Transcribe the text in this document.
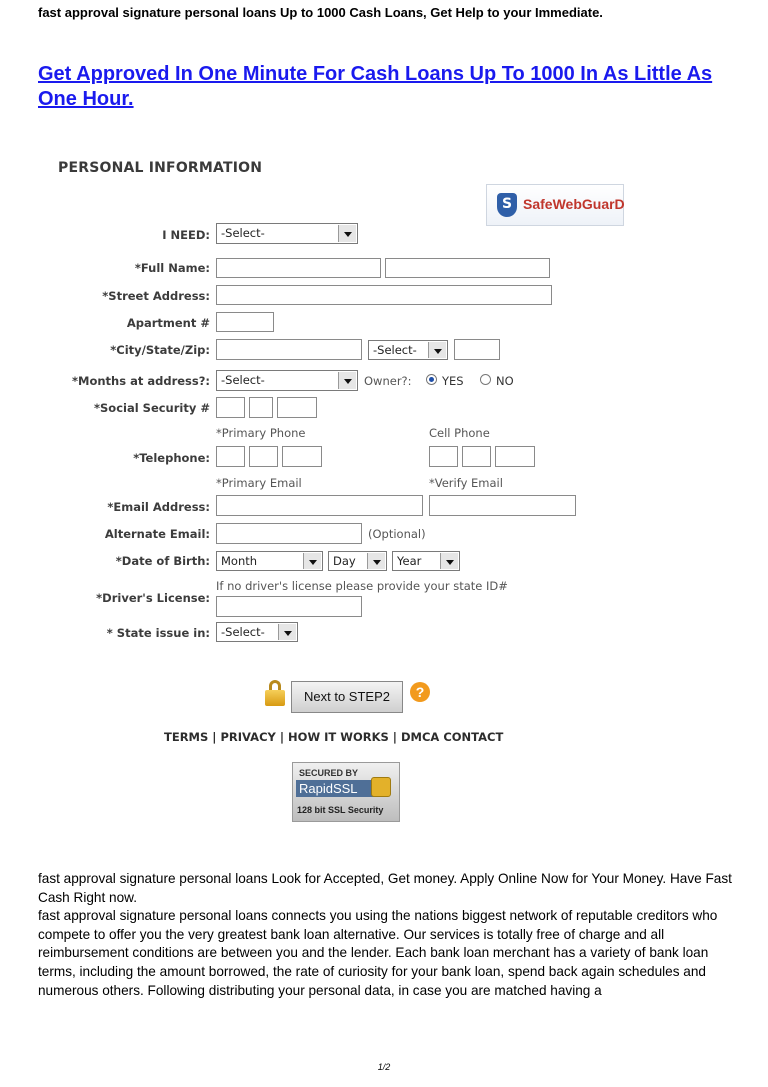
fast approval signature personal loans Up to 1000 Cash Loans, Get Help to your Immediate.
Get Approved In One Minute For Cash Loans Up To 1000 In As Little As One Hour.
PERSONAL INFORMATION
S SafeWebGuarD
I NEED: -Select-
*Full Name:
*Street Address:
Apartment #
*City/State/Zip:	-Select-
*Months at address?: -Select-	Owner?:	YES	NO
*Social Security #
*Primary Phone	Cell Phone
*Telephone:
*Primary Email	*Verify Email
*Email Address:
Alternate Email:	(Optional)
*Date of Birth: Month	Day	Year
If no driver's license please provide your state ID#
*Driver's License:
* State issue in: -Select-
Next to STEP2	?
TERMS | PRIVACY | HOW IT WORKS | DMCA CONTACT
SECURED BY
RapidSSL
128 bit SSL Security

fast approval signature personal loans Look for Accepted, Get money. Apply Online Now for Your Money. Have Fast Cash Right now.

fast approval signature personal loans connects you using the nations biggest network of reputable creditors who compete to offer you the very greatest bank loan alternative. Our services is totally free of charge and all reimbursement conditions are between you and the lender. Each bank loan merchant has a variety of bank loan terms, including the amount borrowed, the rate of curiosity for your bank loan, spend back again schedules and numerous others. Following distributing your personal data, in case you are matched having a

1/2
